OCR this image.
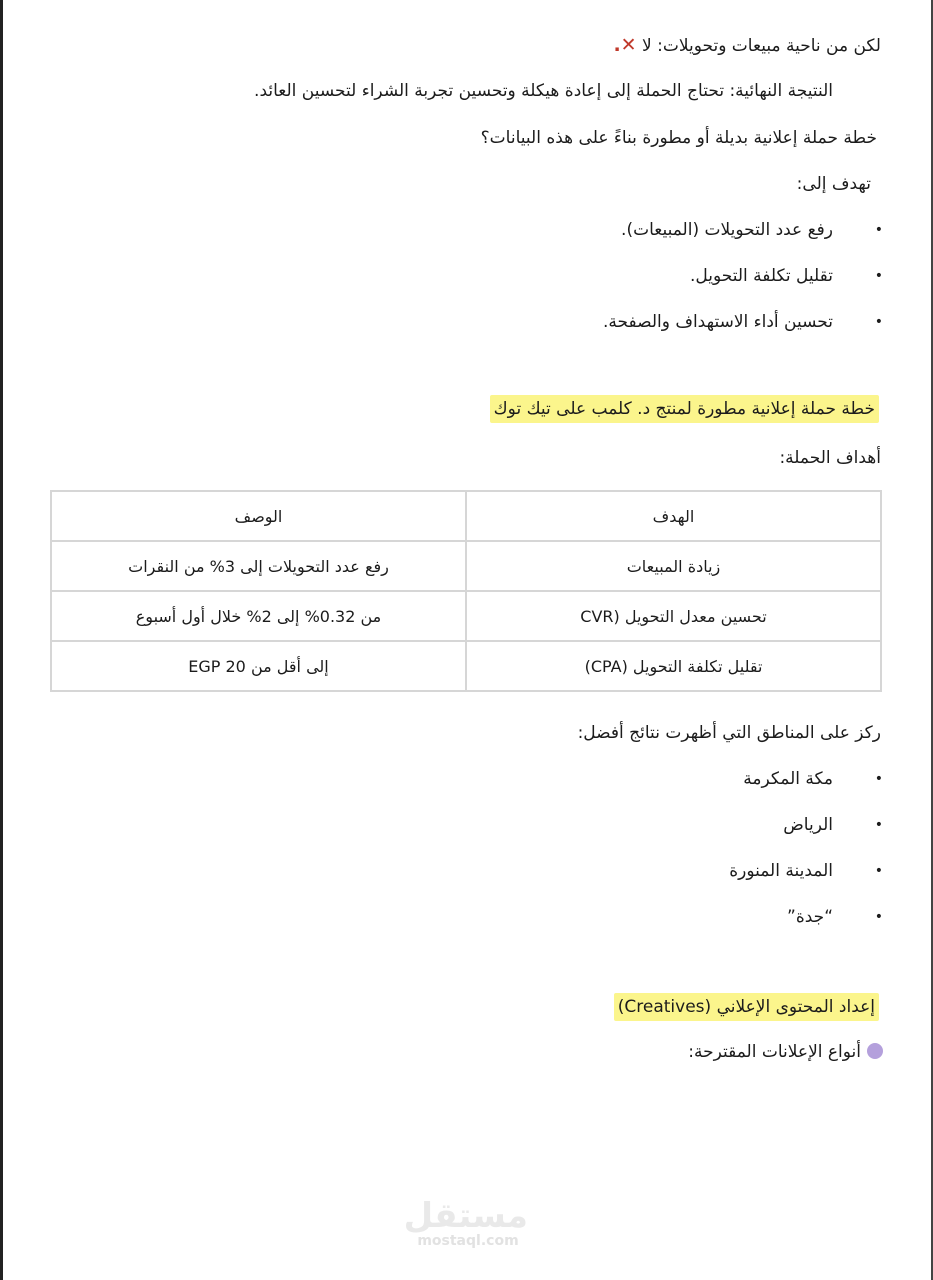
لكن من ناحية مبيعات وتحويلات: لا ✕.
النتيجة النهائية: تحتاج الحملة إلى إعادة هيكلة وتحسين تجربة الشراء لتحسين العائد.
خطة حملة إعلانية بديلة أو مطورة بناءً على هذه البيانات؟
تهدف إلى:
• رفع عدد التحويلات (المبيعات).
• تقليل تكلفة التحويل.
• تحسين أداء الاستهداف والصفحة.
خطة حملة إعلانية مطورة لمنتج د. كلمب على تيك توك
أهداف الحملة:
الهدف	الوصف
زيادة المبيعات	رفع عدد التحويلات إلى 3% من النقرات
تحسين معدل التحويل (CVR	من 0.32% إلى 2% خلال أول أسبوع
تقليل تكلفة التحويل (CPA)	إلى أقل من EGP 20
ركز على المناطق التي أظهرت نتائج أفضل:
• مكة المكرمة
• الرياض
• المدينة المنورة
• “جدة”
إعداد المحتوى الإعلاني (Creatives)
أنواع الإعلانات المقترحة:
مستقل
mostaql.com
